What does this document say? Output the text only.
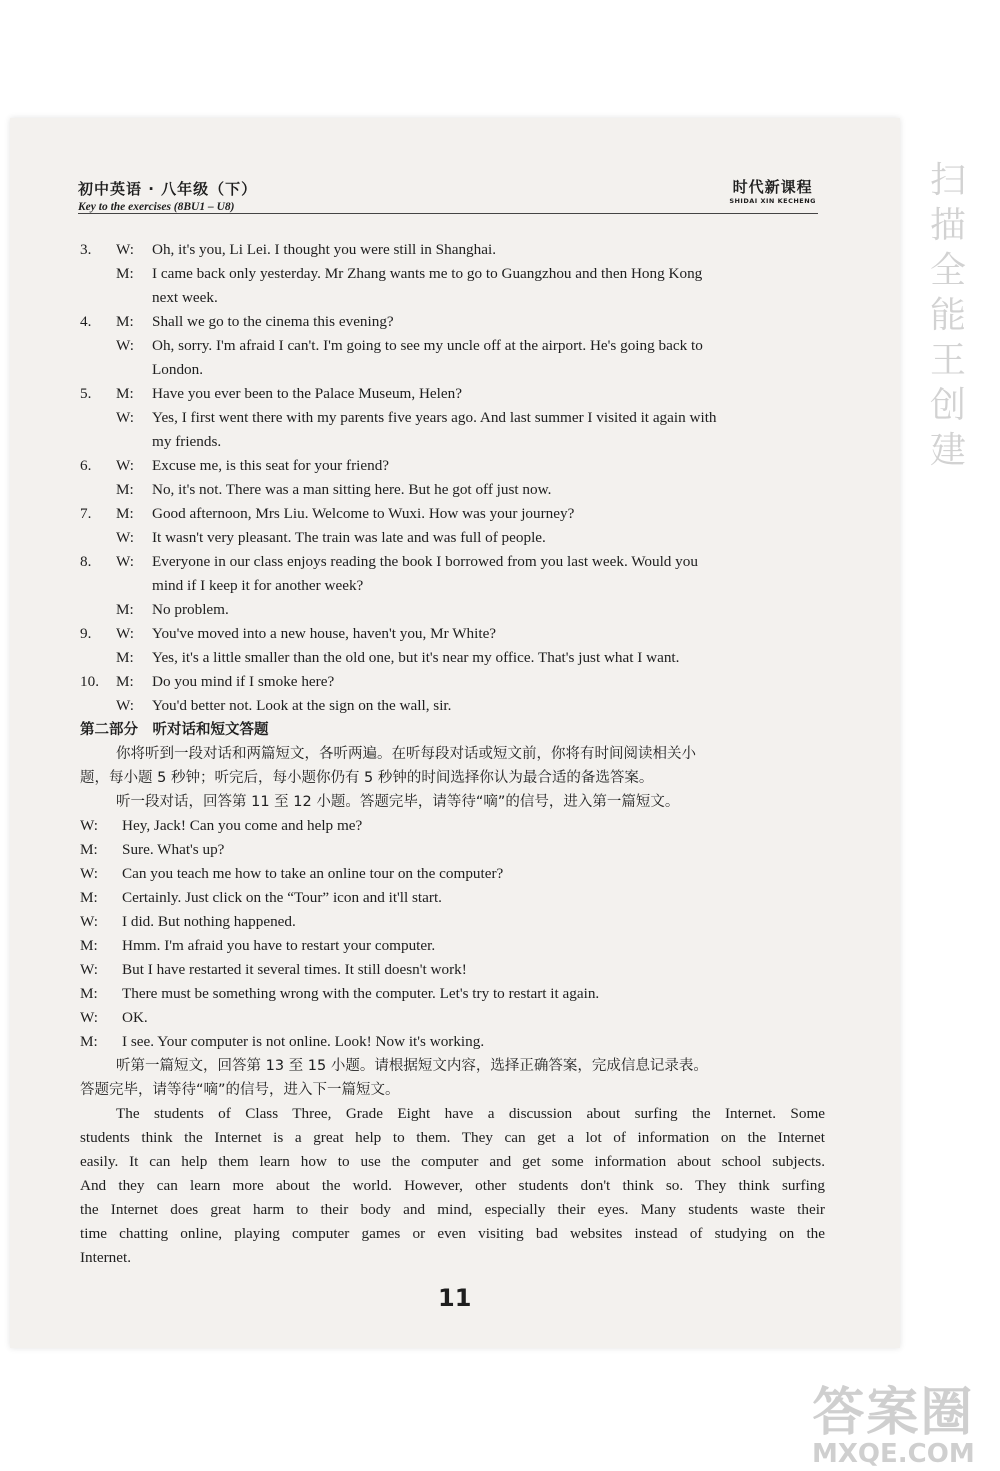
初中英语 · 八年级（下）
Key to the exercises (8BU1 – U8)
时代新课程
SHIDAI XIN KECHENG
3. W: Oh, it's you, Li Lei. I thought you were still in Shanghai.
M: I came back only yesterday. Mr Zhang wants me to go to Guangzhou and then Hong Kong
next week.
4. M: Shall we go to the cinema this evening?
W: Oh, sorry. I'm afraid I can't. I'm going to see my uncle off at the airport. He's going back to
London.
5. M: Have you ever been to the Palace Museum, Helen?
W: Yes, I first went there with my parents five years ago. And last summer I visited it again with
my friends.
6. W: Excuse me, is this seat for your friend?
M: No, it's not. There was a man sitting here. But he got off just now.
7. M: Good afternoon, Mrs Liu. Welcome to Wuxi. How was your journey?
W: It wasn't very pleasant. The train was late and was full of people.
8. W: Everyone in our class enjoys reading the book I borrowed from you last week. Would you
mind if I keep it for another week?
M: No problem.
9. W: You've moved into a new house, haven't you, Mr White?
M: Yes, it's a little smaller than the old one, but it's near my office. That's just what I want.
10. M: Do you mind if I smoke here?
W: You'd better not. Look at the sign on the wall, sir.
第二部分　听对话和短文答题
你将听到一段对话和两篇短文，各听两遍。在听每段对话或短文前，你将有时间阅读相关小
题，每小题 5 秒钟；听完后，每小题你仍有 5 秒钟的时间选择你认为最合适的备选答案。
听一段对话，回答第 11 至 12 小题。答题完毕，请等待“嘀”的信号，进入第一篇短文。
W: Hey, Jack! Can you come and help me?
M: Sure. What's up?
W: Can you teach me how to take an online tour on the computer?
M: Certainly. Just click on the “Tour” icon and it'll start.
W: I did. But nothing happened.
M: Hmm. I'm afraid you have to restart your computer.
W: But I have restarted it several times. It still doesn't work!
M: There must be something wrong with the computer. Let's try to restart it again.
W: OK.
M: I see. Your computer is not online. Look! Now it's working.
听第一篇短文，回答第 13 至 15 小题。请根据短文内容，选择正确答案，完成信息记录表。
答题完毕，请等待“嘀”的信号，进入下一篇短文。
The students of Class Three, Grade Eight have a discussion about surfing the Internet. Some
students think the Internet is a great help to them. They can get a lot of information on the Internet
easily. It can help them learn how to use the computer and get some information about school subjects.
And they can learn more about the world. However, other students don't think so. They think surfing
the Internet does great harm to their body and mind, especially their eyes. Many students waste their
time chatting online, playing computer games or even visiting bad websites instead of studying on the
Internet.
11
扫描全能王 创建
答案圈
MXQE.COM
